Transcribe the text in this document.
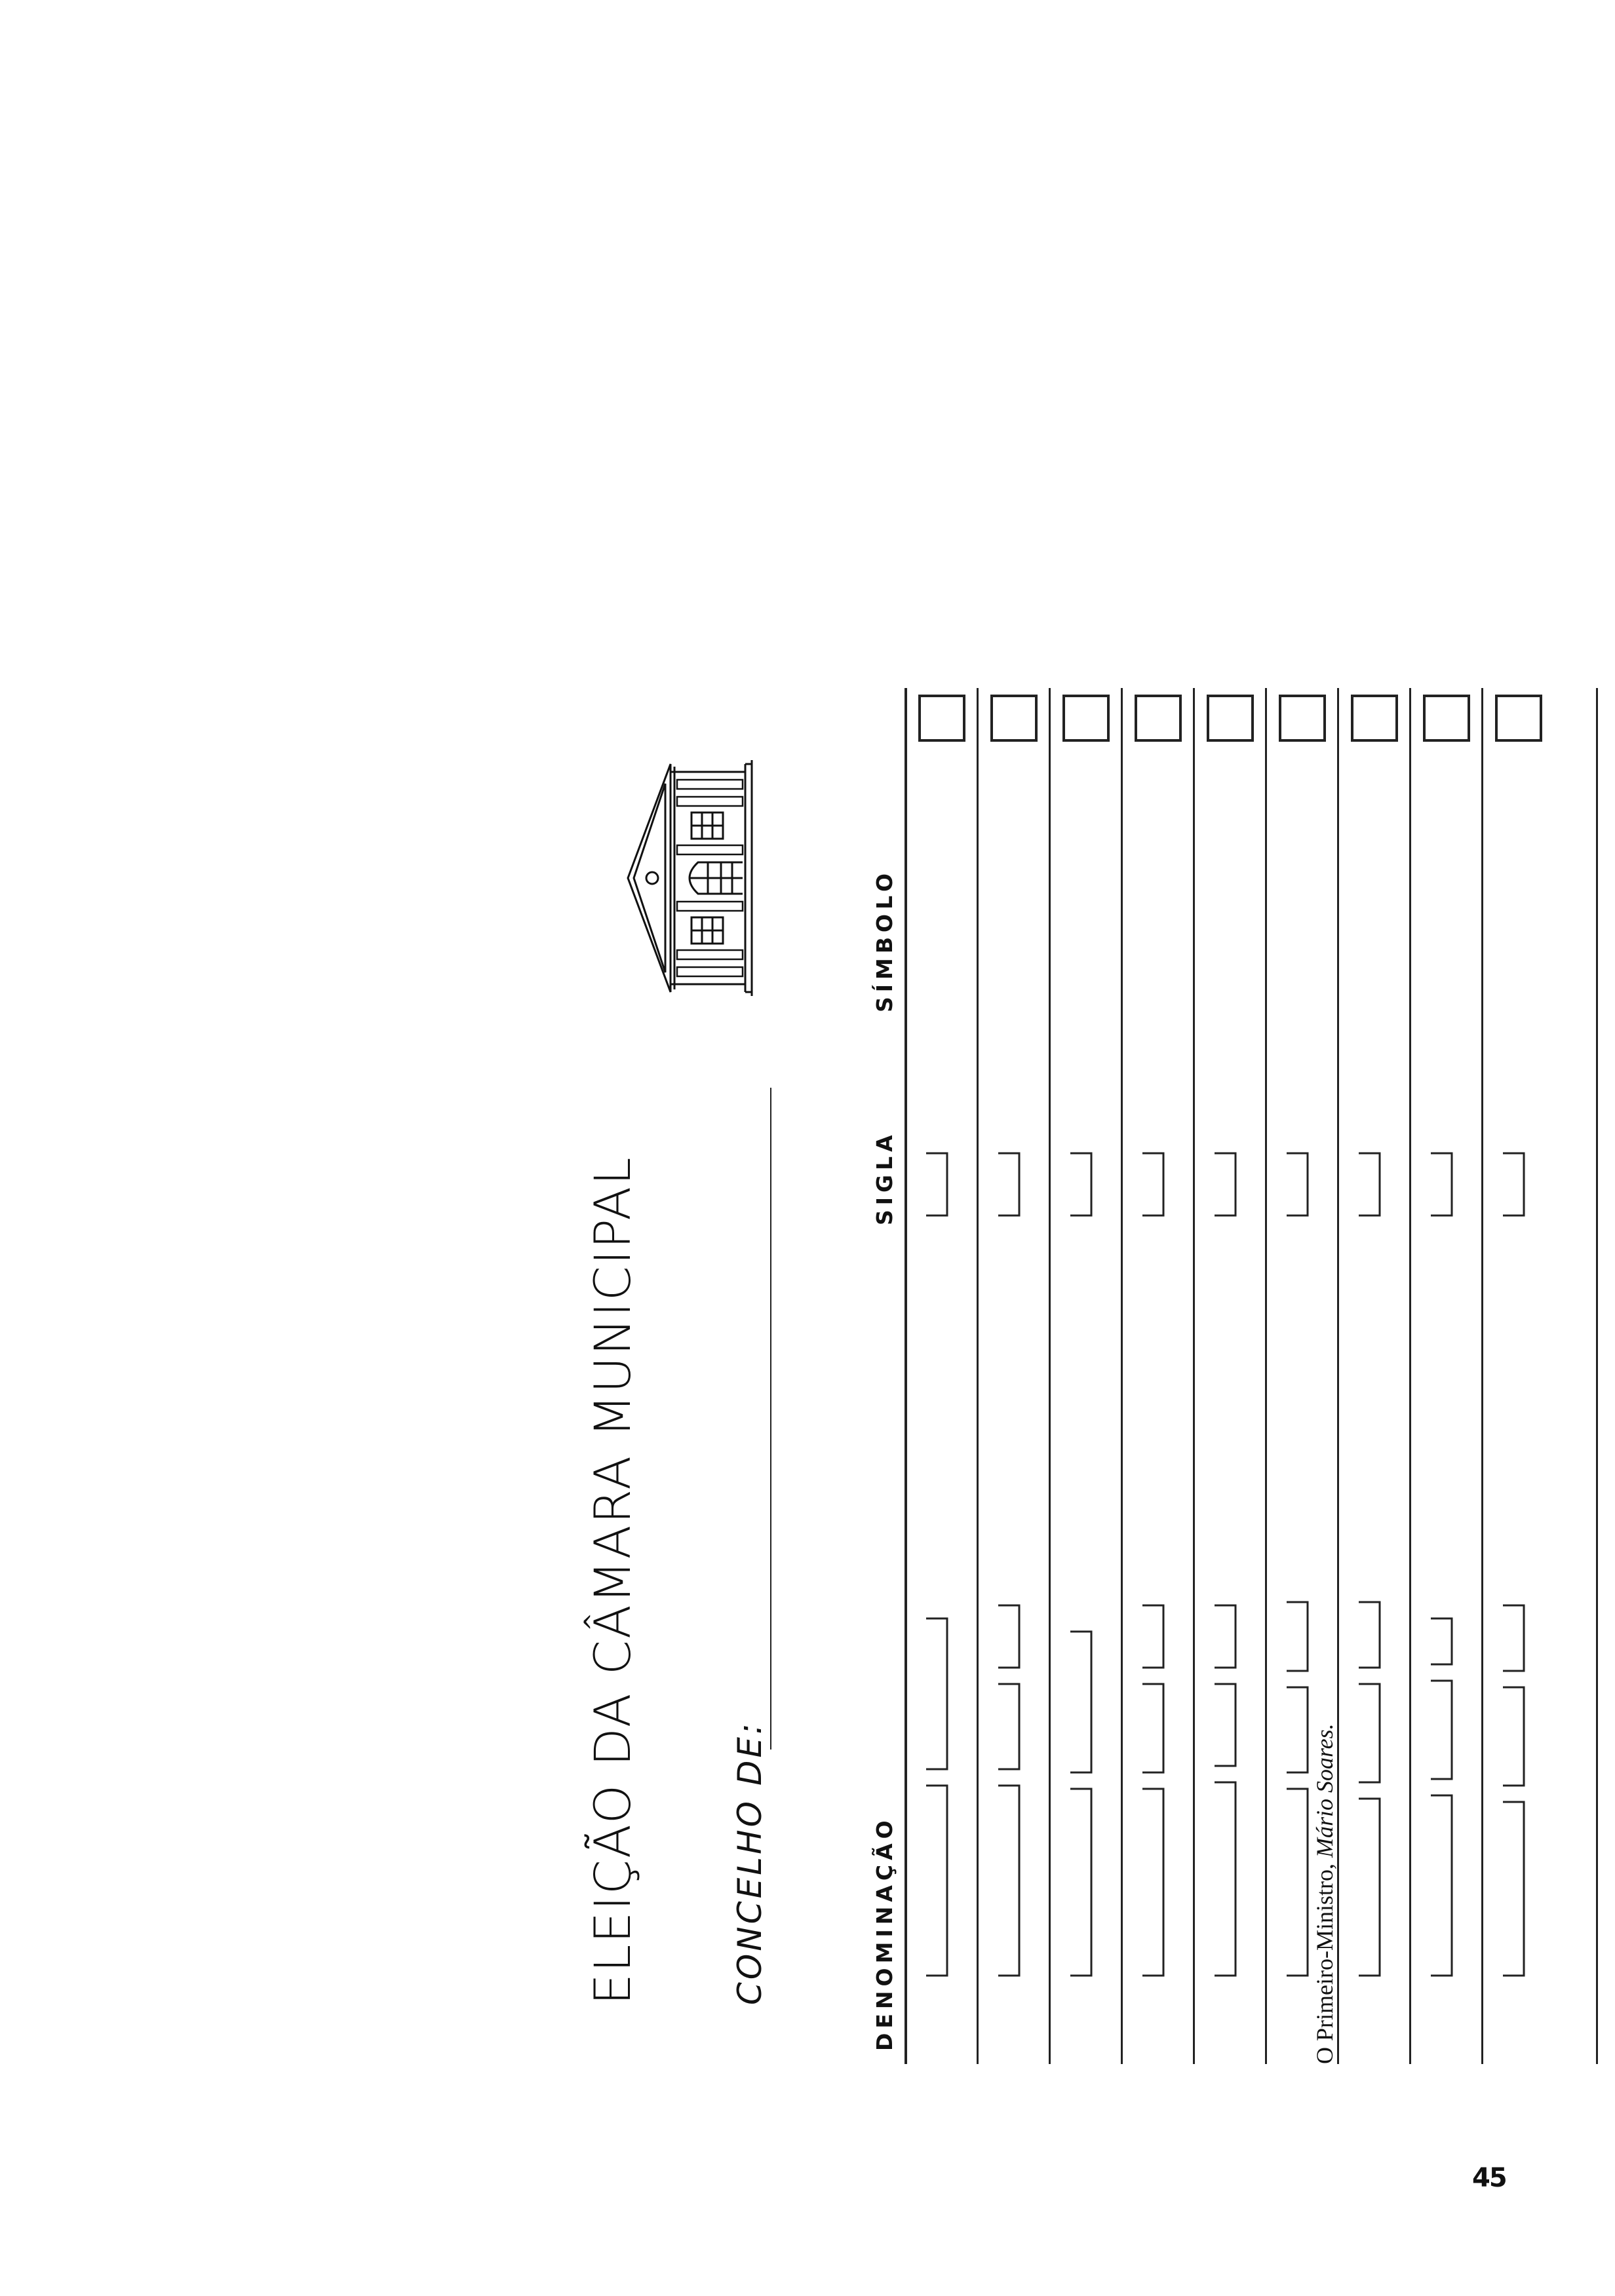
ELEIÇÃO DA CÂMARA MUNICIPAL	CONCELHO DE:	DENOMINAÇÃO
SIGLA
SÍMBOLO
O Primeiro-Ministro, Mário Soares.
45
